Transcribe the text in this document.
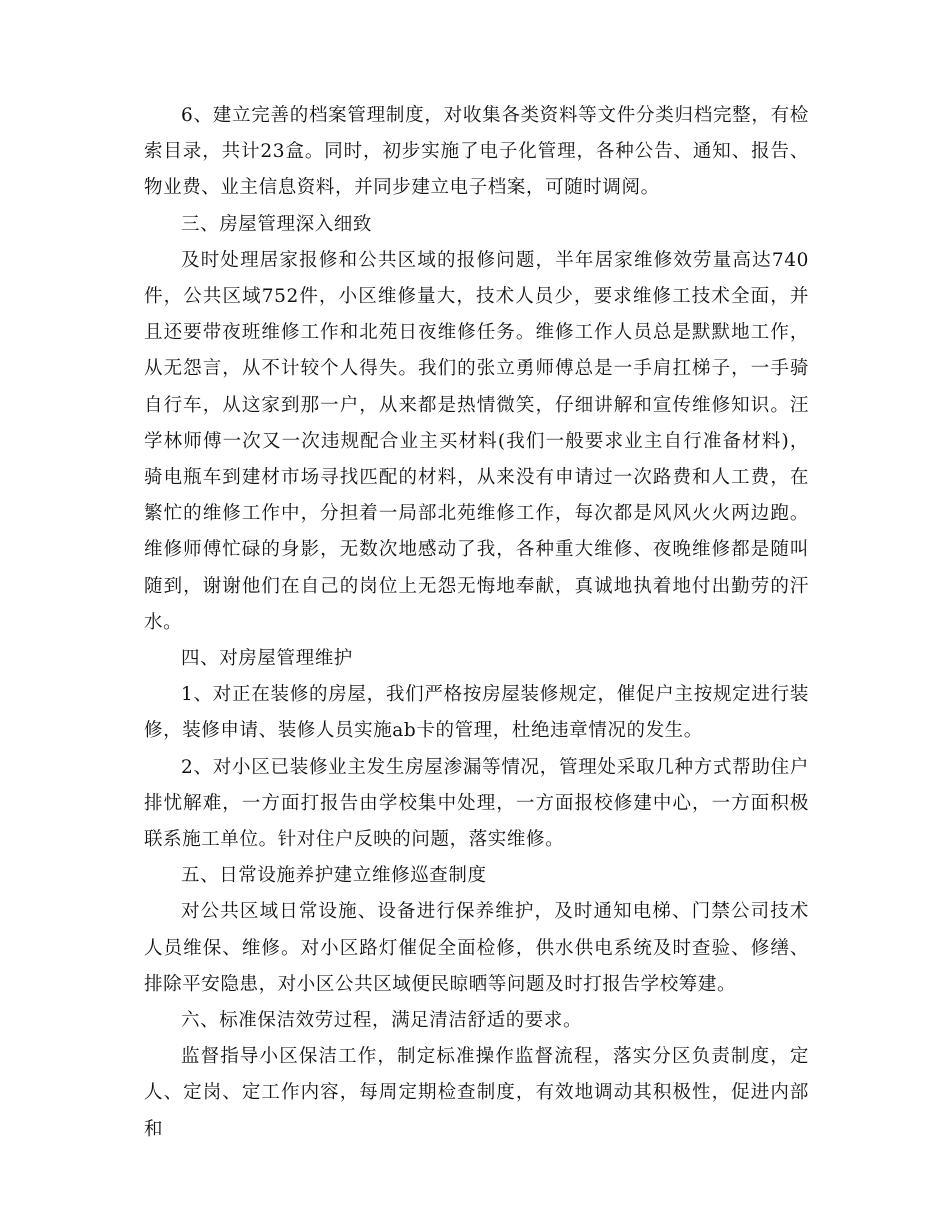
6、建立完善的档案管理制度，对收集各类资料等文件分类归档完整，有检索目录，共计23盒。同时，初步实施了电子化管理，各种公告、通知、报告、物业费、业主信息资料，并同步建立电子档案，可随时调阅。

三、房屋管理深入细致

及时处理居家报修和公共区域的报修问题，半年居家维修效劳量高达740件，公共区域752件，小区维修量大，技术人员少，要求维修工技术全面，并且还要带夜班维修工作和北苑日夜维修任务。维修工作人员总是默默地工作，从无怨言，从不计较个人得失。我们的张立勇师傅总是一手肩扛梯子，一手骑自行车，从这家到那一户，从来都是热情微笑，仔细讲解和宣传维修知识。汪学林师傅一次又一次违规配合业主买材料(我们一般要求业主自行准备材料)，骑电瓶车到建材市场寻找匹配的材料，从来没有申请过一次路费和人工费，在繁忙的维修工作中，分担着一局部北苑维修工作，每次都是风风火火两边跑。维修师傅忙碌的身影，无数次地感动了我，各种重大维修、夜晚维修都是随叫随到，谢谢他们在自己的岗位上无怨无悔地奉献，真诚地执着地付出勤劳的汗水。

四、对房屋管理维护

1、对正在装修的房屋，我们严格按房屋装修规定，催促户主按规定进行装修，装修申请、装修人员实施ab卡的管理，杜绝违章情况的发生。

2、对小区已装修业主发生房屋渗漏等情况，管理处采取几种方式帮助住户排忧解难，一方面打报告由学校集中处理，一方面报校修建中心，一方面积极联系施工单位。针对住户反映的问题，落实维修。

五、日常设施养护建立维修巡查制度

对公共区域日常设施、设备进行保养维护，及时通知电梯、门禁公司技术人员维保、维修。对小区路灯催促全面检修，供水供电系统及时查验、修缮、排除平安隐患，对小区公共区域便民晾晒等问题及时打报告学校筹建。

六、标准保洁效劳过程，满足清洁舒适的要求。

监督指导小区保洁工作，制定标准操作监督流程，落实分区负责制度，定人、定岗、定工作内容，每周定期检查制度，有效地调动其积极性，促进内部和
